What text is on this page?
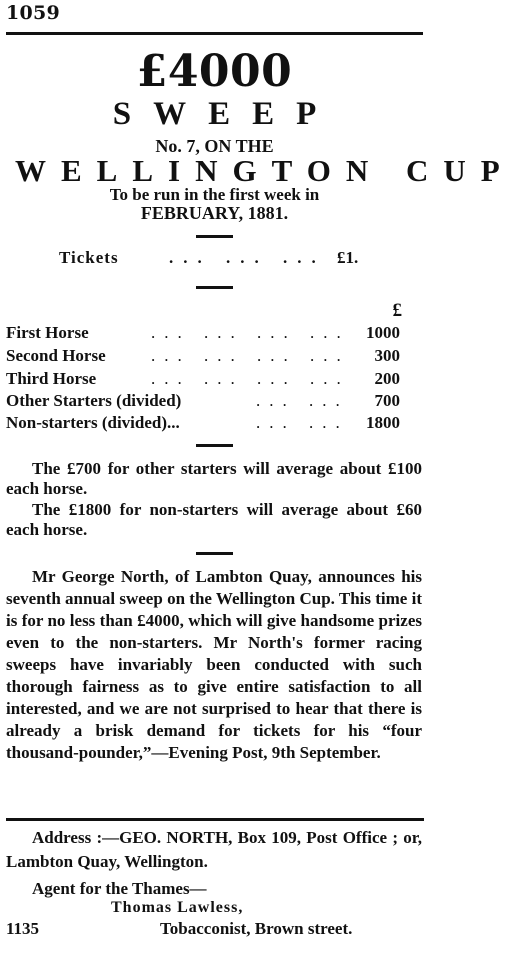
1059
£4000
SWEEP
No. 7, ON THE
WELLINGTON CUP
To be run in the first week in
FEBRUARY, 1881.
Tickets	... ... ... £1.
£
First Horse	... ... ... ... 1000
Second Horse	... ... ... ... 300
Third Horse	... ... ... ... 200
Other Starters (divided)	... ... 700
Non-starters (divided)...	... ... 1800
The £700 for other starters will average about £100 each horse.
The £1800 for non-starters will average about £60 each horse.
Mr George North, of Lambton Quay, announces his seventh annual sweep on the Wellington Cup. This time it is for no less than £4000, which will give handsome prizes even to the non-starters. Mr North's former racing sweeps have invariably been conducted with such thorough fairness as to give entire satisfaction to all interested, and we are not surprised to hear that there is already a brisk demand for tickets for his “four thousand-pounder,”—Evening Post, 9th September.
Address :—GEO. NORTH, Box 109, Post Office ; or, Lambton Quay, Wellington.
Agent for the Thames—
Thomas Lawless,
Tobacconist, Brown street.
1135
